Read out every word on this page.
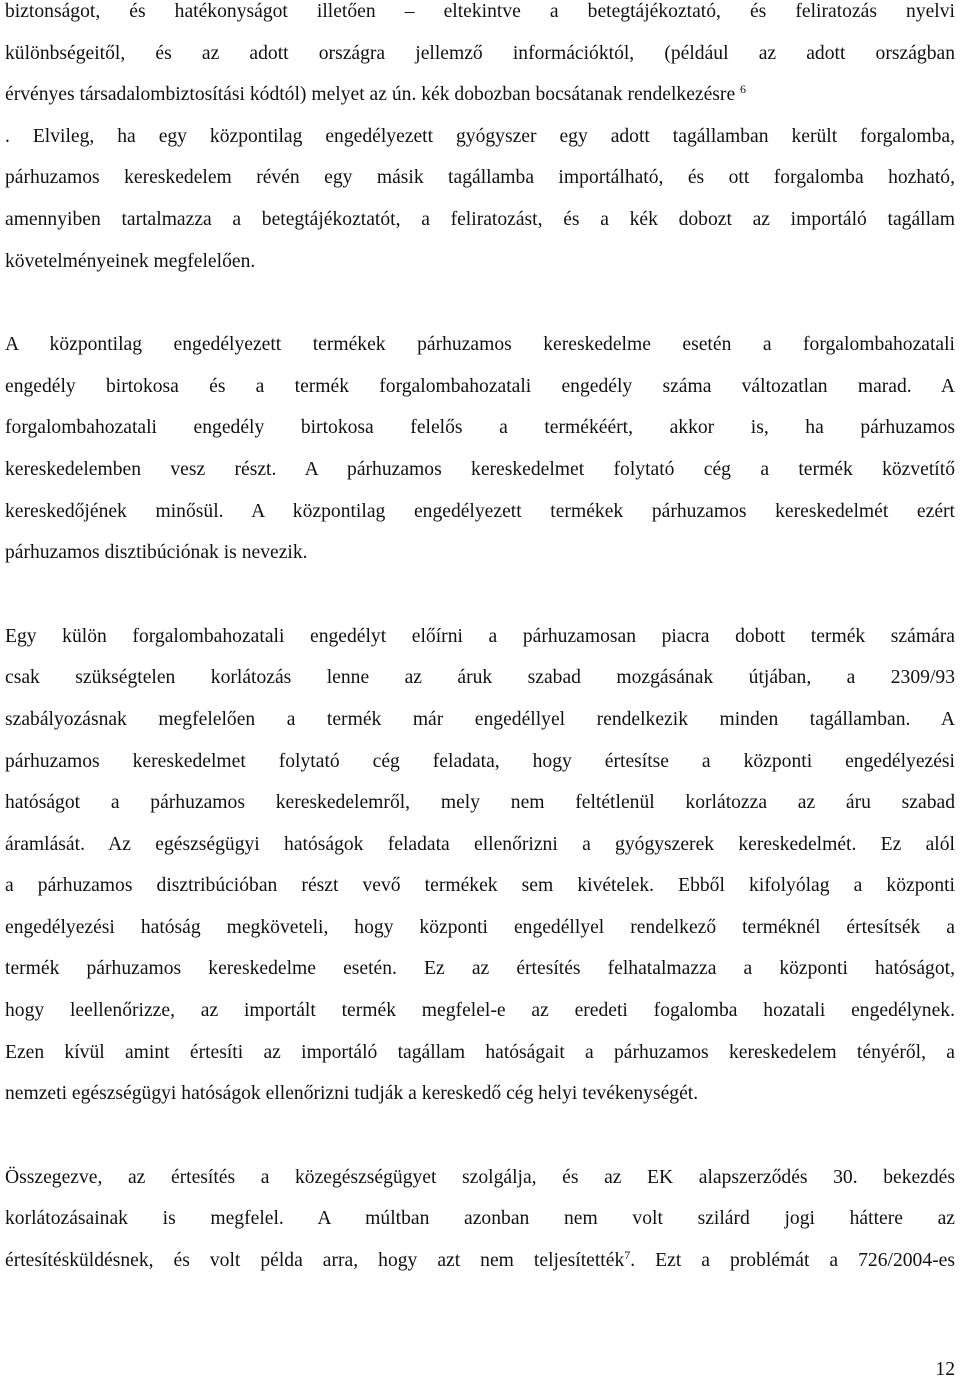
biztonságot, és hatékonyságot illetően – eltekintve a betegtájékoztató, és feliratozás nyelvi
különbségeitől, és az adott országra jellemző információktól, (például az adott országban
érvényes társadalombiztosítási kódtól) melyet az ún. kék dobozban bocsátanak rendelkezésre $^6$
. Elvileg, ha egy központilag engedélyezett gyógyszer egy adott tagállamban került forgalomba,
párhuzamos kereskedelem révén egy másik tagállamba importálható, és ott forgalomba hozható,
amennyiben tartalmazza a betegtájékoztatót, a feliratozást, és a kék dobozt az importáló tagállam
követelményeinek megfelelően.
A központilag engedélyezett termékek párhuzamos kereskedelme esetén a forgalombahozatali
engedély birtokosa és a termék forgalombahozatali engedély száma változatlan marad. A
forgalombahozatali engedély birtokosa felelős a termékéért, akkor is, ha párhuzamos
kereskedelemben vesz részt. A párhuzamos kereskedelmet folytató cég a termék közvetítő
kereskedőjének minősül. A központilag engedélyezett termékek párhuzamos kereskedelmét ezért
párhuzamos disztibúciónak is nevezik.
Egy külön forgalombahozatali engedélyt előírni a párhuzamosan piacra dobott termék számára
csak szükségtelen korlátozás lenne az áruk szabad mozgásának útjában, a 2309/93
szabályozásnak megfelelően a termék már engedéllyel rendelkezik minden tagállamban. A
párhuzamos kereskedelmet folytató cég feladata, hogy értesítse a központi engedélyezési
hatóságot a párhuzamos kereskedelemről, mely nem feltétlenül korlátozza az áru szabad
áramlását. Az egészségügyi hatóságok feladata ellenőrizni a gyógyszerek kereskedelmét. Ez alól
a párhuzamos disztribúcióban részt vevő termékek sem kivételek. Ebből kifolyólag a központi
engedélyezési hatóság megköveteli, hogy központi engedéllyel rendelkező terméknél értesítsék a
termék párhuzamos kereskedelme esetén. Ez az értesítés felhatalmazza a központi hatóságot,
hogy leellenőrizze, az importált termék megfelel-e az eredeti fogalomba hozatali engedélynek.
Ezen kívül amint értesíti az importáló tagállam hatóságait a párhuzamos kereskedelem tényéről, a
nemzeti egészségügyi hatóságok ellenőrizni tudják a kereskedő cég helyi tevékenységét.
Összegezve, az értesítés a közegészségügyet szolgálja, és az EK alapszerződés 30. bekezdés
korlátozásainak is megfelel. A múltban azonban nem volt szilárd jogi háttere az
értesítésküldésnek, és volt példa arra, hogy azt nem teljesítették$^7$. Ezt a problémát a 726/2004-es
12
